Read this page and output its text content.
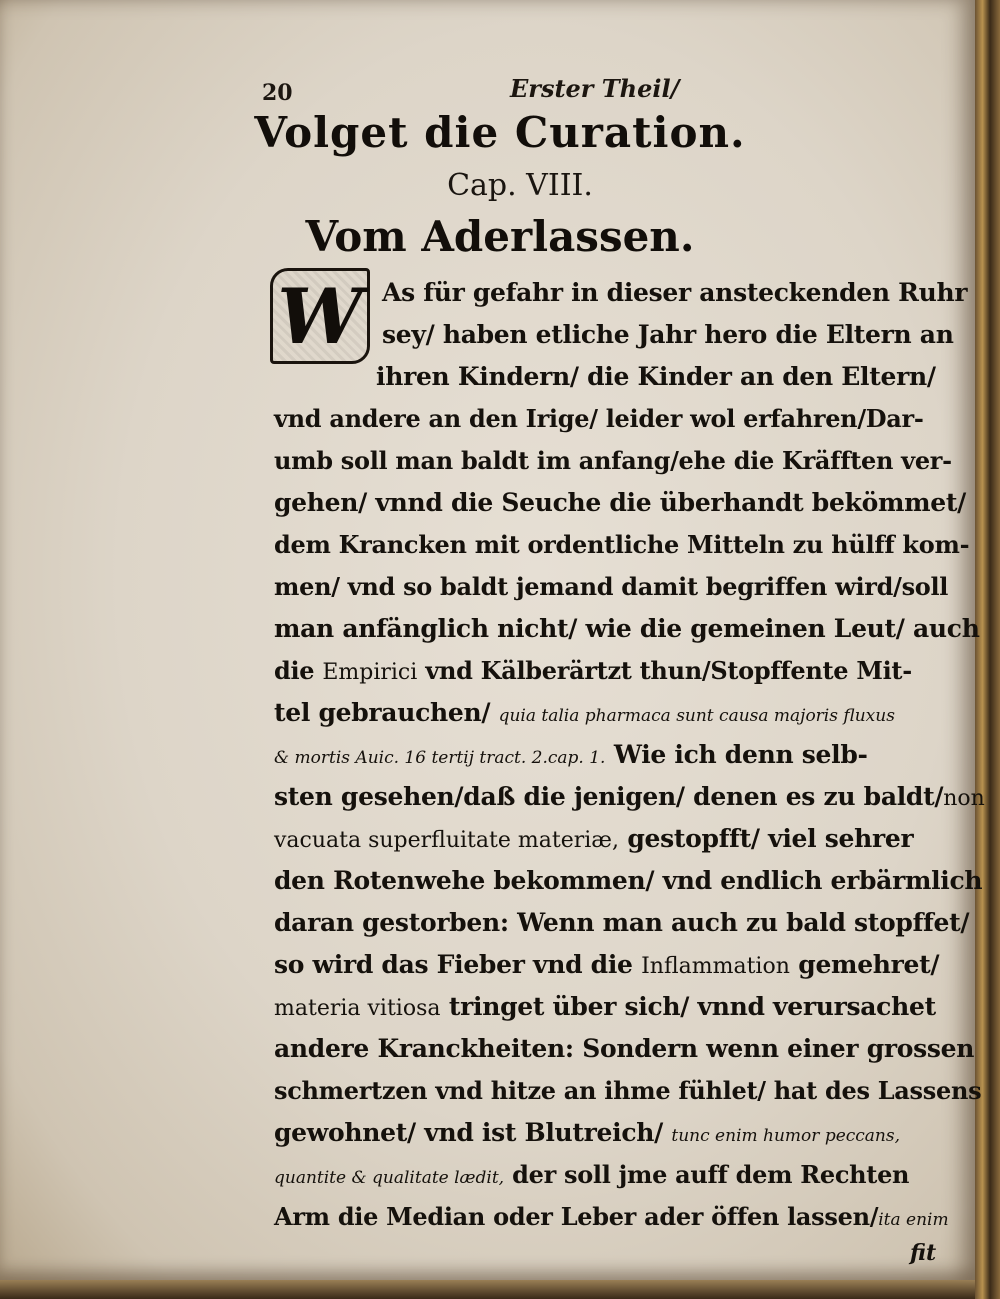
20	Erster Theil/
Volget die Curation.
Cap. VIII.
Vom Aderlassen.
W As für gefahr in dieser ansteckenden Ruhr
sey/ haben etliche Jahr hero die Eltern an
ihren Kindern/ die Kinder an den Eltern/
vnd andere an den Irige/ leider wol erfahren/Dar-
umb soll man baldt im anfang/ehe die Kräfften ver-
gehen/ vnnd die Seuche die überhandt bekömmet/
dem Krancken mit ordentliche Mitteln zu hülff kom-
men/ vnd so baldt jemand damit begriffen wird/soll
man anfänglich nicht/ wie die gemeinen Leut/ auch
die Empirici vnd Kälberärtzt thun/Stopffente Mit-
tel gebrauchen/ quia talia pharmaca sunt causa majoris fluxus
& mortis Auic. 16 tertij tract. 2.cap. 1. Wie ich denn selb-
sten gesehen/daß die jenigen/ denen es zu baldt/non
vacuata superfluitate materiæ, gestopfft/ viel sehrer
den Rotenwehe bekommen/ vnd endlich erbärmlich
daran gestorben: Wenn man auch zu bald stopffet/
so wird das Fieber vnd die Inflammation gemehret/
materia vitiosa tringet über sich/ vnnd verursachet
andere Kranckheiten: Sondern wenn einer grossen
schmertzen vnd hitze an ihme fühlet/ hat des Lassens
gewohnet/ vnd ist Blutreich/ tunc enim humor peccans,
quantite & qualitate lædit, der soll jme auff dem Rechten
Arm die Median oder Leber ader öffen lassen/ita enim
fit
